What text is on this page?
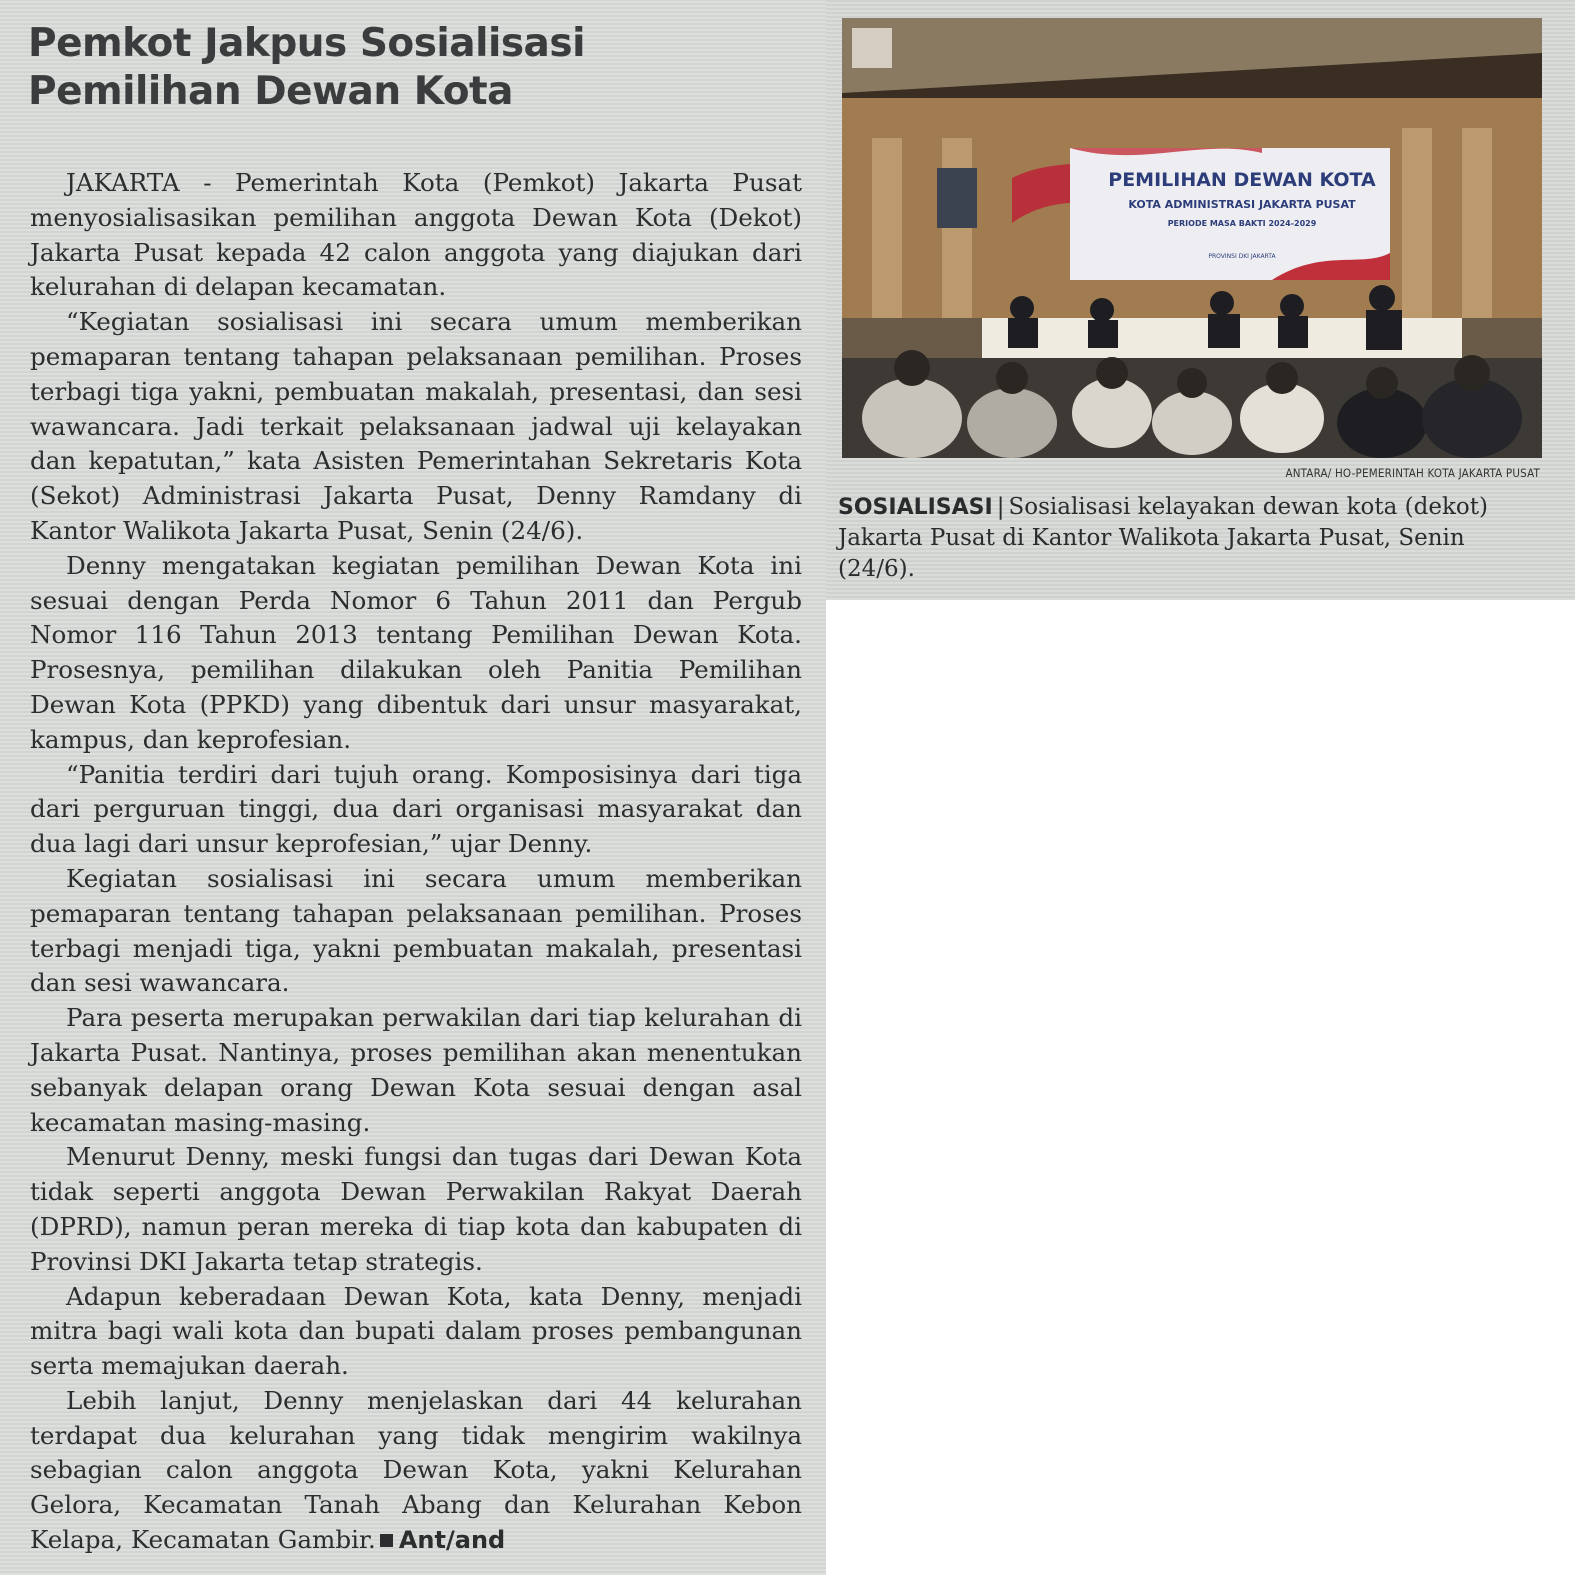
Pemkot Jakpus Sosialisasi
Pemilihan Dewan Kota

JAKARTA - Pemerintah Kota (Pemkot) Jakarta Pusat menyosialisasikan pemilihan anggota Dewan Kota (Dekot) Jakarta Pusat kepada 42 calon anggota yang diajukan dari kelurahan di delapan kecamatan.

“Kegiatan sosialisasi ini secara umum memberikan pemaparan tentang tahapan pelaksanaan pemilihan. Proses terbagi tiga yakni, pembuatan makalah, presentasi, dan sesi wawancara. Jadi terkait pelaksanaan jadwal uji kelayakan dan kepatutan,” kata Asisten Pemerintahan Sekretaris Kota (Sekot) Administrasi Jakarta Pusat, Denny Ramdany di Kantor Walikota Jakarta Pusat, Senin (24/6).

Denny mengatakan kegiatan pemilihan Dewan Kota ini sesuai dengan Perda Nomor 6 Tahun 2011 dan Pergub Nomor 116 Tahun 2013 tentang Pemilihan Dewan Kota. Prosesnya, pemilihan dilakukan oleh Panitia Pemilihan Dewan Kota (PPKD) yang dibentuk dari unsur masyarakat, kampus, dan keprofesian.

“Panitia terdiri dari tujuh orang. Komposisinya dari tiga dari perguruan tinggi, dua dari organisasi masyarakat dan dua lagi dari unsur keprofesian,” ujar Denny.

Kegiatan sosialisasi ini secara umum memberikan pemaparan tentang tahapan pelaksanaan pemilihan. Proses terbagi menjadi tiga, yakni pembuatan makalah, presentasi dan sesi wawancara.

Para peserta merupakan perwakilan dari tiap kelurahan di Jakarta Pusat. Nantinya, proses pemilihan akan menentukan sebanyak delapan orang Dewan Kota sesuai dengan asal kecamatan masing-masing.

Menurut Denny, meski fungsi dan tugas dari Dewan Kota tidak seperti anggota Dewan Perwakilan Rakyat Daerah (DPRD), namun peran mereka di tiap kota dan kabupaten di Provinsi DKI Jakarta tetap strategis.

Adapun keberadaan Dewan Kota, kata Denny, menjadi mitra bagi wali kota dan bupati dalam proses pembangunan serta memajukan daerah.

Lebih lanjut, Denny menjelaskan dari 44 kelurahan terdapat dua kelurahan yang tidak mengirim wakilnya sebagian calon anggota Dewan Kota, yakni Kelurahan Gelora, Kecamatan Tanah Abang dan Kelurahan Kebon Kelapa, Kecamatan Gambir. Ant/and

PEMILIHAN DEWAN KOTA
KOTA ADMINISTRASI JAKARTA PUSAT
PERIODE MASA BAKTI 2024-2029
PROVINSI DKI JAKARTA
ANTARA/ HO-PEMERINTAH KOTA JAKARTA PUSAT

SOSIALISASI | Sosialisasi kelayakan dewan kota (dekot) Jakarta Pusat di Kantor Walikota Jakarta Pusat, Senin (24/6).
